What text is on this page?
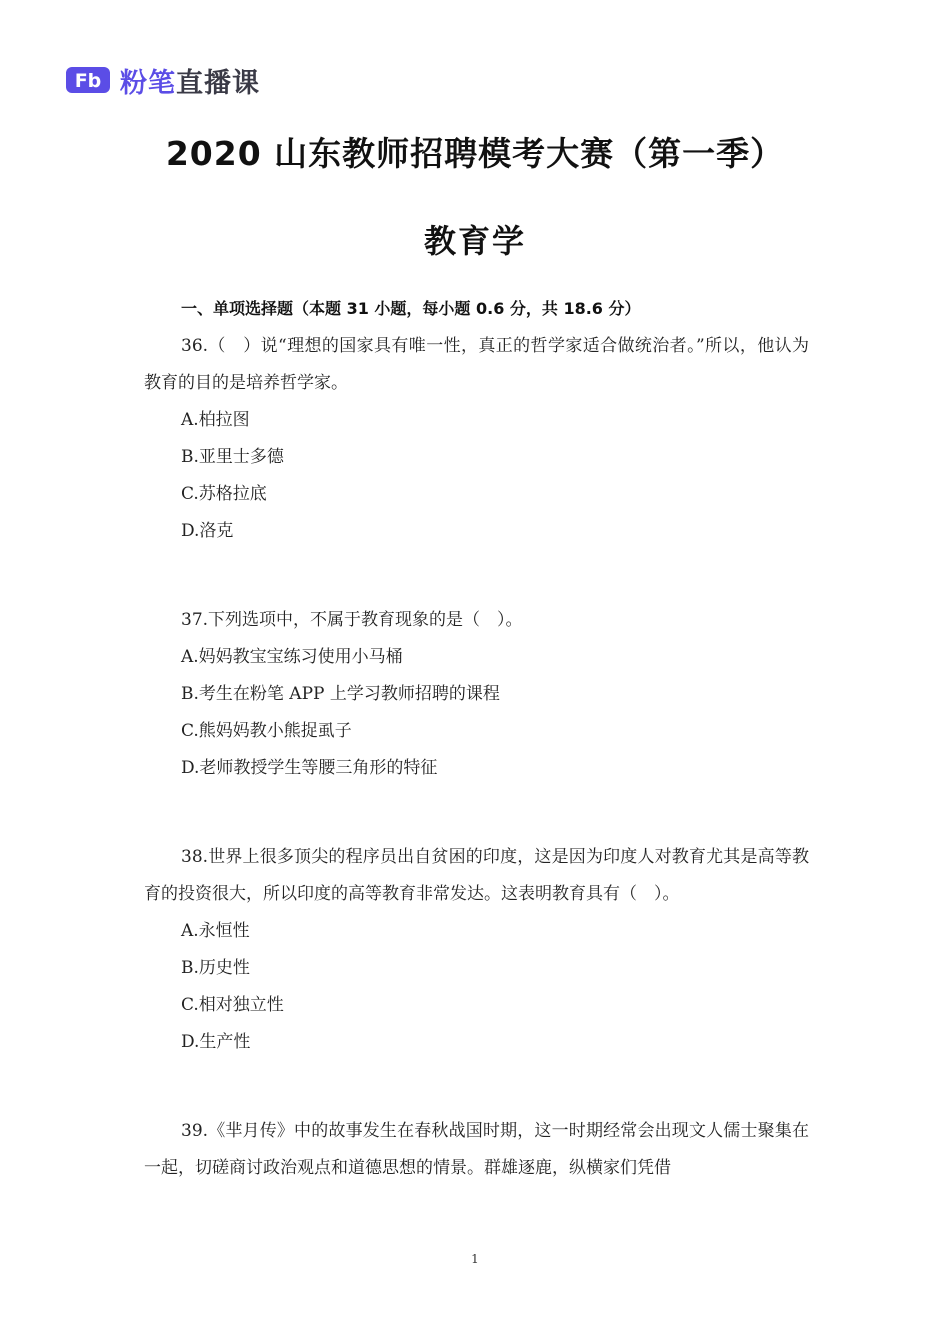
Fb 粉笔直播课
2020 山东教师招聘模考大赛（第一季）
教育学
一、单项选择题（本题 31 小题，每小题 0.6 分，共 18.6 分）

36.（　）说“理想的国家具有唯一性，真正的哲学家适合做统治者。”所以，他认为教育的目的是培养哲学家。

A.柏拉图

B.亚里士多德

C.苏格拉底

D.洛克

37.下列选项中，不属于教育现象的是（　）。

A.妈妈教宝宝练习使用小马桶

B.考生在粉笔 APP 上学习教师招聘的课程

C.熊妈妈教小熊捉虱子

D.老师教授学生等腰三角形的特征

38.世界上很多顶尖的程序员出自贫困的印度，这是因为印度人对教育尤其是高等教育的投资很大，所以印度的高等教育非常发达。这表明教育具有（　）。

A.永恒性

B.历史性

C.相对独立性

D.生产性

39.《芈月传》中的故事发生在春秋战国时期，这一时期经常会出现文人儒士聚集在一起，切磋商讨政治观点和道德思想的情景。群雄逐鹿，纵横家们凭借

1
